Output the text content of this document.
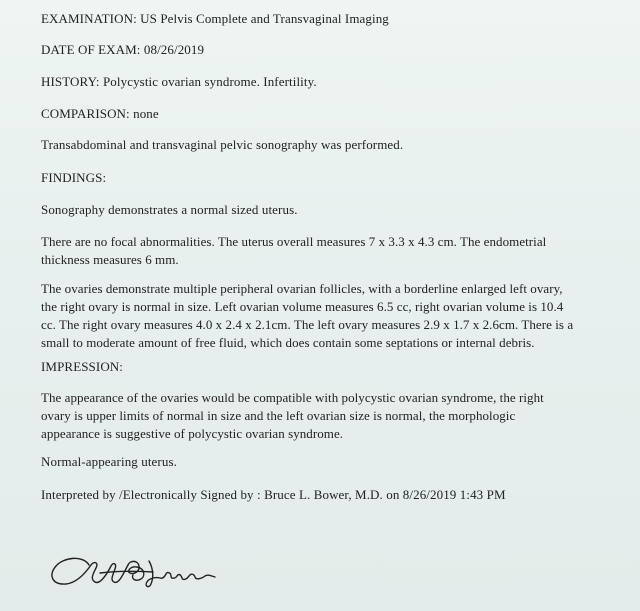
EXAMINATION: US Pelvis Complete and Transvaginal Imaging

DATE OF EXAM: 08/26/2019

HISTORY: Polycystic ovarian syndrome. Infertility.

COMPARISON: none

Transabdominal and transvaginal pelvic sonography was performed.

FINDINGS:

Sonography demonstrates a normal sized uterus.

There are no focal abnormalities. The uterus overall measures 7 x 3.3 x 4.3 cm. The endometrial
thickness measures 6 mm.
The ovaries demonstrate multiple peripheral ovarian follicles, with a borderline enlarged left ovary,
the right ovary is normal in size. Left ovarian volume measures 6.5 cc, right ovarian volume is 10.4
cc. The right ovary measures 4.0 x 2.4 x 2.1cm. The left ovary measures 2.9 x 1.7 x 2.6cm. There is a
small to moderate amount of free fluid, which does contain some septations or internal debris.

IMPRESSION:

The appearance of the ovaries would be compatible with polycystic ovarian syndrome, the right
ovary is upper limits of normal in size and the left ovarian size is normal, the morphologic
appearance is suggestive of polycystic ovarian syndrome.

Normal-appearing uterus.

Interpreted by /Electronically Signed by : Bruce L. Bower, M.D. on 8/26/2019 1:43 PM
